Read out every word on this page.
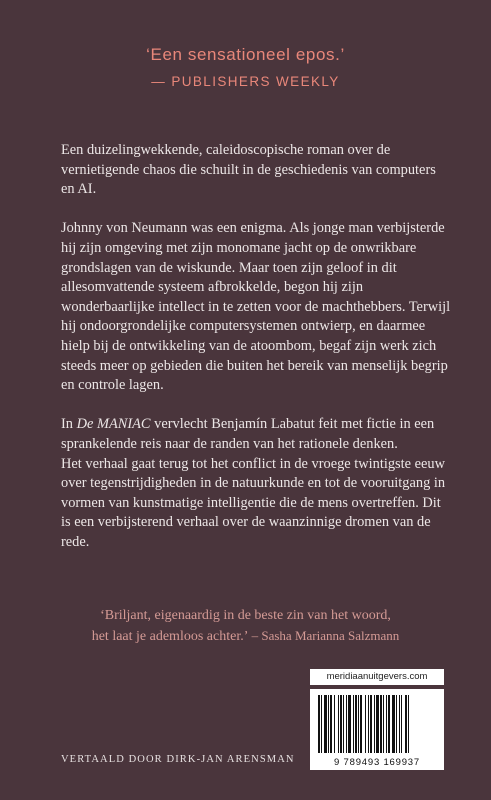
‘Een sensationeel epos.’
— PUBLISHERS WEEKLY

Een duizelingwekkende, caleidoscopische roman over de vernietigende chaos die schuilt in de geschiedenis van computers en AI.

Johnny von Neumann was een enigma. Als jonge man verbijsterde hij zijn omgeving met zijn monomane jacht op de onwrikbare grondslagen van de wiskunde. Maar toen zijn geloof in dit allesomvattende systeem afbrokkelde, begon hij zijn wonderbaarlijke intellect in te zetten voor de machthebbers. Terwijl hij ondoorgrondelijke computersystemen ontwierp, en daarmee hielp bij de ontwikkeling van de atoombom, begaf zijn werk zich steeds meer op gebieden die buiten het bereik van menselijk begrip en controle lagen.

In De MANIAC vervlecht Benjamín Labatut feit met fictie in een sprankelende reis naar de randen van het rationele denken.

Het verhaal gaat terug tot het conflict in de vroege twintigste eeuw over tegenstrijdigheden in de natuurkunde en tot de vooruitgang in vormen van kunstmatige intelligentie die de mens overtreffen. Dit is een verbijsterend verhaal over de waanzinnige dromen van de rede.

‘Briljant, eigenaardig in de beste zin van het woord,
het laat je ademloos achter.’ – Sasha Marianna Salzmann
meridiaanuitgevers.com
9 789493 169937
VERTAALD DOOR DIRK-JAN ARENSMAN
